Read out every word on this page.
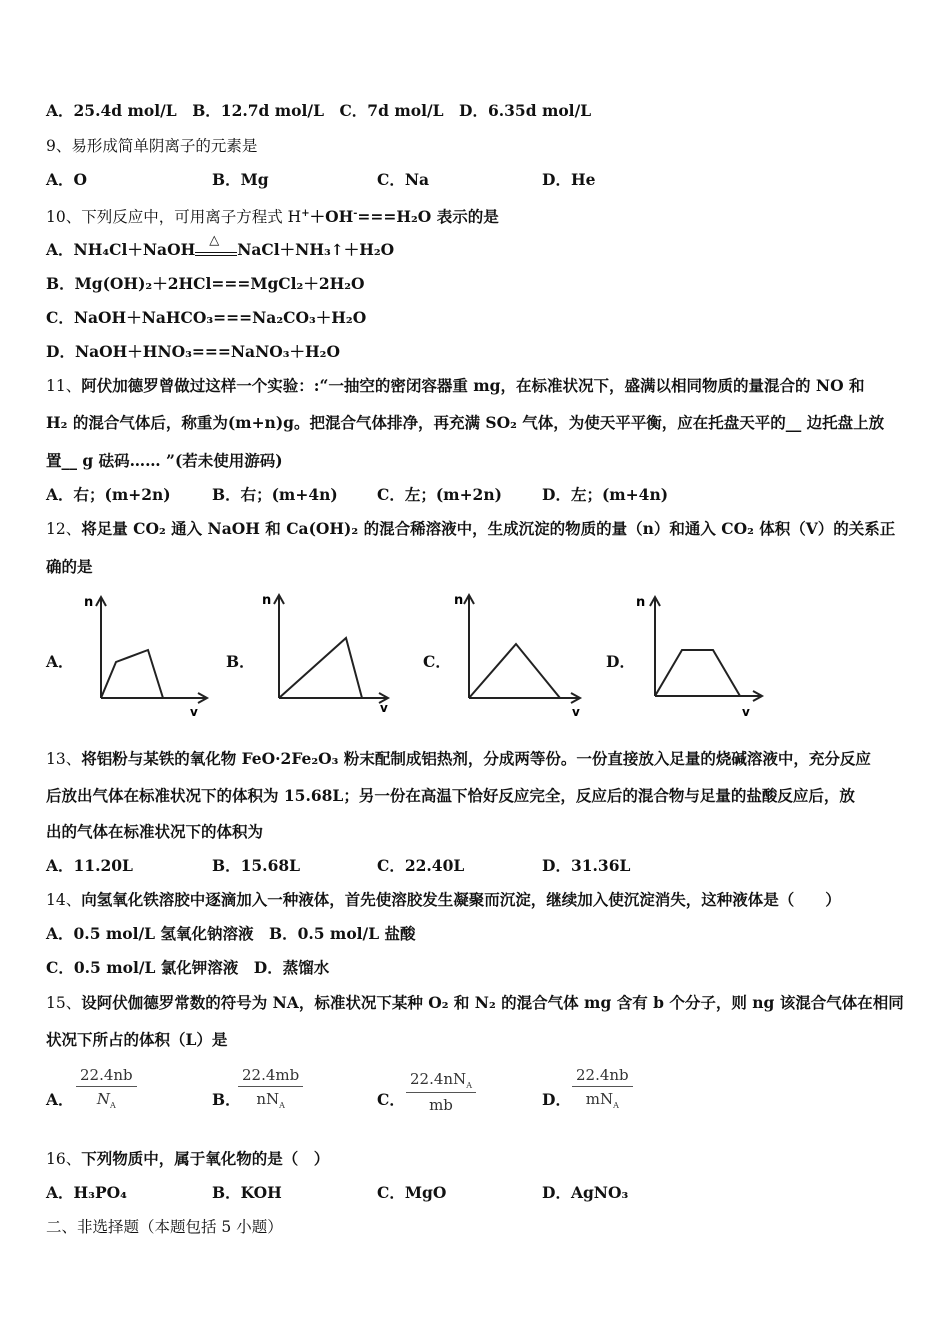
A．25.4d mol/L　B．12.7d mol/L　C．7d mol/L　D．6.35d mol/L
9、易形成简单阴离子的元素是
A．O	B．Mg	C．Na	D．He
10、下列反应中，可用离子方程式 H+＋OH-===H₂O 表示的是
A．NH₄Cl＋NaOH △ NaCl＋NH₃↑＋H₂O
B．Mg(OH)₂＋2HCl===MgCl₂＋2H₂O
C．NaOH＋NaHCO₃===Na₂CO₃＋H₂O
D．NaOH＋HNO₃===NaNO₃＋H₂O
11、阿伏加德罗曾做过这样一个实验：:“一抽空的密闭容器重 mg，在标准状况下，盛满以相同物质的量混合的 NO 和
H₂ 的混合气体后，称重为(m+n)g。把混合气体排净，再充满 SO₂ 气体，为使天平平衡，应在托盘天平的__ 边托盘上放
置__ g 砝码…… ”(若未使用游码)
A．右；(m+2n)	B．右；(m+4n)	C．左；(m+2n)	D．左；(m+4n)
12、将足量 CO₂ 通入 NaOH 和 Ca(OH)₂ 的混合稀溶液中，生成沉淀的物质的量（n）和通入 CO₂ 体积（V）的关系正
确的是
A．	B．	C．	D．
n
v
n
v
n
v
n
v
13、将铝粉与某铁的氧化物 FeO·2Fe₂O₃ 粉末配制成铝热剂，分成两等份。一份直接放入足量的烧碱溶液中，充分反应
后放出气体在标准状况下的体积为 15.68L；另一份在高温下恰好反应完全，反应后的混合物与足量的盐酸反应后，放
出的气体在标准状况下的体积为
A．11.20L	B．15.68L	C．22.40L	D．31.36L
14、向氢氧化铁溶胶中逐滴加入一种液体，首先使溶胶发生凝聚而沉淀，继续加入使沉淀消失，这种液体是（　　）
A．0.5 mol/L 氢氧化钠溶液　B．0.5 mol/L 盐酸
C．0.5 mol/L 氯化钾溶液　D．蒸馏水
15、设阿伏伽德罗常数的符号为 NA，标准状况下某种 O₂ 和 N₂ 的混合气体 mg 含有 b 个分子，则 ng 该混合气体在相同
状况下所占的体积（L）是
A． $\frac{22.4nb}{N_A}$	B．
22.4mb
$nN_A$	C．
$22.4nN_A$
mb	D．
22.4nb
$mN_A$
16、下列物质中，属于氧化物的是（　）
A．H₃PO₄	B．KOH	C．MgO	D．AgNO₃
二、非选择题（本题包括 5 小题）
